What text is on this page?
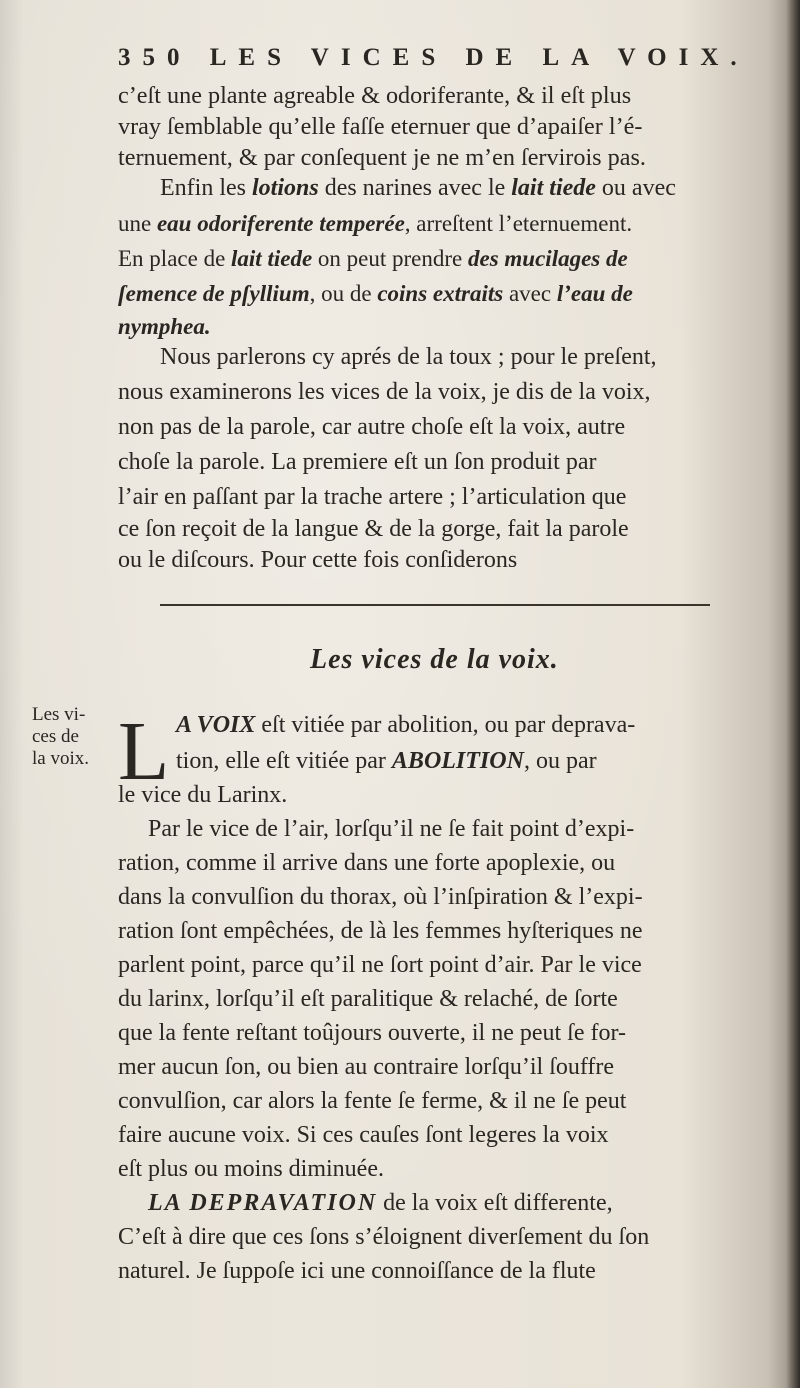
350 LES VICES DE LA VOIX.
c’eſt une plante agreable & odoriferante, & il eſt plus
vray ſemblable qu’elle faſſe eternuer que d’apaiſer l’é-
ternuement, & par conſequent je ne m’en ſervirois pas.
Enfin les lotions des narines avec le lait tiede ou avec
une eau odoriferente temperée, arreſtent l’eternuement.
En place de lait tiede on peut prendre des mucilages de
ſemence de pſyllium, ou de coins extraits avec l’eau de
nymphea.
Nous parlerons cy aprés de la toux ; pour le preſent,
nous examinerons les vices de la voix, je dis de la voix,
non pas de la parole, car autre choſe eſt la voix, autre
choſe la parole. La premiere eſt un ſon produit par
l’air en paſſant par la trache artere ; l’articulation que
ce ſon reçoit de la langue & de la gorge, fait la parole
ou le diſcours. Pour cette fois conſiderons
Les vices de la voix.
Les vi-
ces de
la voix. L A VOIX eſt vitiée par abolition, ou par deprava-
tion, elle eſt vitiée par ABOLITION, ou par
le vice du Larinx.
Par le vice de l’air, lorſqu’il ne ſe fait point d’expi-
ration, comme il arrive dans une forte apoplexie, ou
dans la convulſion du thorax, où l’inſpiration & l’expi-
ration ſont empêchées, de là les femmes hyſteriques ne
parlent point, parce qu’il ne ſort point d’air. Par le vice
du larinx, lorſqu’il eſt paralitique & relaché, de ſorte
que la fente reſtant toûjours ouverte, il ne peut ſe for-
mer aucun ſon, ou bien au contraire lorſqu’il ſouffre
convulſion, car alors la fente ſe ferme, & il ne ſe peut
faire aucune voix. Si ces cauſes ſont legeres la voix
eſt plus ou moins diminuée.
LA DEPRAVATION de la voix eſt differente,
C’eſt à dire que ces ſons s’éloignent diverſement du ſon
naturel. Je ſuppoſe ici une connoiſſance de la flute
